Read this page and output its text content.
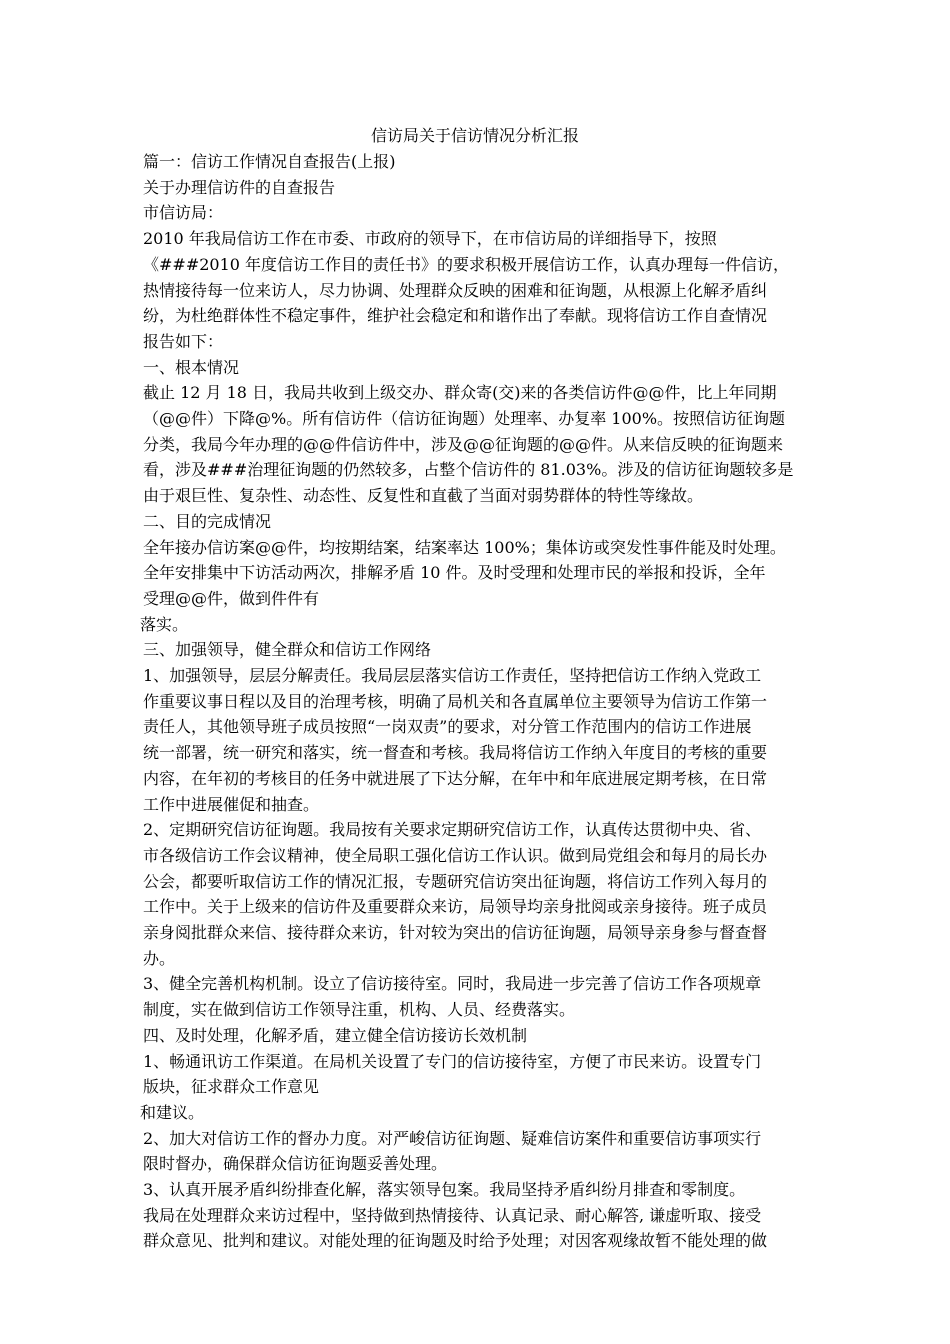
信访局关于信访情况分析汇报
篇一：信访工作情况自查报告(上报)
关于办理信访件的自查报告
市信访局：
2010 年我局信访工作在市委、市政府的领导下，在市信访局的详细指导下，按照
《###2010 年度信访工作目的责任书》的要求积极开展信访工作，认真办理每一件信访，
热情接待每一位来访人，尽力协调、处理群众反映的困难和征询题，从根源上化解矛盾纠
纷，为杜绝群体性不稳定事件，维护社会稳定和和谐作出了奉献。现将信访工作自查情况
报告如下：
一、根本情况
截止 12 月 18 日，我局共收到上级交办、群众寄(交)来的各类信访件@@件，比上年同期
（@@件）下降@%。所有信访件（信访征询题）处理率、办复率 100%。按照信访征询题
分类，我局今年办理的@@件信访件中，涉及@@征询题的@@件。从来信反映的征询题来
看，涉及###治理征询题的仍然较多，占整个信访件的 81.03%。涉及的信访征询题较多是
由于艰巨性、复杂性、动态性、反复性和直截了当面对弱势群体的特性等缘故。
二、目的完成情况
全年接办信访案@@件，均按期结案，结案率达 100%；集体访或突发性事件能及时处理。
全年安排集中下访活动两次，排解矛盾 10 件。及时受理和处理市民的举报和投诉，全年
受理@@件，做到件件有
落实。
三、加强领导，健全群众和信访工作网络
1、加强领导，层层分解责任。我局层层落实信访工作责任，坚持把信访工作纳入党政工
作重要议事日程以及目的治理考核，明确了局机关和各直属单位主要领导为信访工作第一
责任人，其他领导班子成员按照“一岗双责”的要求，对分管工作范围内的信访工作进展
统一部署，统一研究和落实，统一督查和考核。我局将信访工作纳入年度目的考核的重要
内容，在年初的考核目的任务中就进展了下达分解，在年中和年底进展定期考核，在日常
工作中进展催促和抽查。
2、定期研究信访征询题。我局按有关要求定期研究信访工作，认真传达贯彻中央、省、
市各级信访工作会议精神，使全局职工强化信访工作认识。做到局党组会和每月的局长办
公会，都要听取信访工作的情况汇报，专题研究信访突出征询题，将信访工作列入每月的
工作中。关于上级来的信访件及重要群众来访，局领导均亲身批阅或亲身接待。班子成员
亲身阅批群众来信、接待群众来访，针对较为突出的信访征询题，局领导亲身参与督查督
办。
3、健全完善机构机制。设立了信访接待室。同时，我局进一步完善了信访工作各项规章
制度，实在做到信访工作领导注重，机构、人员、经费落实。
四、及时处理，化解矛盾，建立健全信访接访长效机制
1、畅通讯访工作渠道。在局机关设置了专门的信访接待室，方便了市民来访。设置专门
版块，征求群众工作意见
和建议。
2、加大对信访工作的督办力度。对严峻信访征询题、疑难信访案件和重要信访事项实行
限时督办，确保群众信访征询题妥善处理。
3、认真开展矛盾纠纷排查化解，落实领导包案。我局坚持矛盾纠纷月排查和零制度。
我局在处理群众来访过程中，坚持做到热情接待、认真记录、耐心解答, 谦虚听取、接受
群众意见、批判和建议。对能处理的征询题及时给予处理；对因客观缘故暂不能处理的做
